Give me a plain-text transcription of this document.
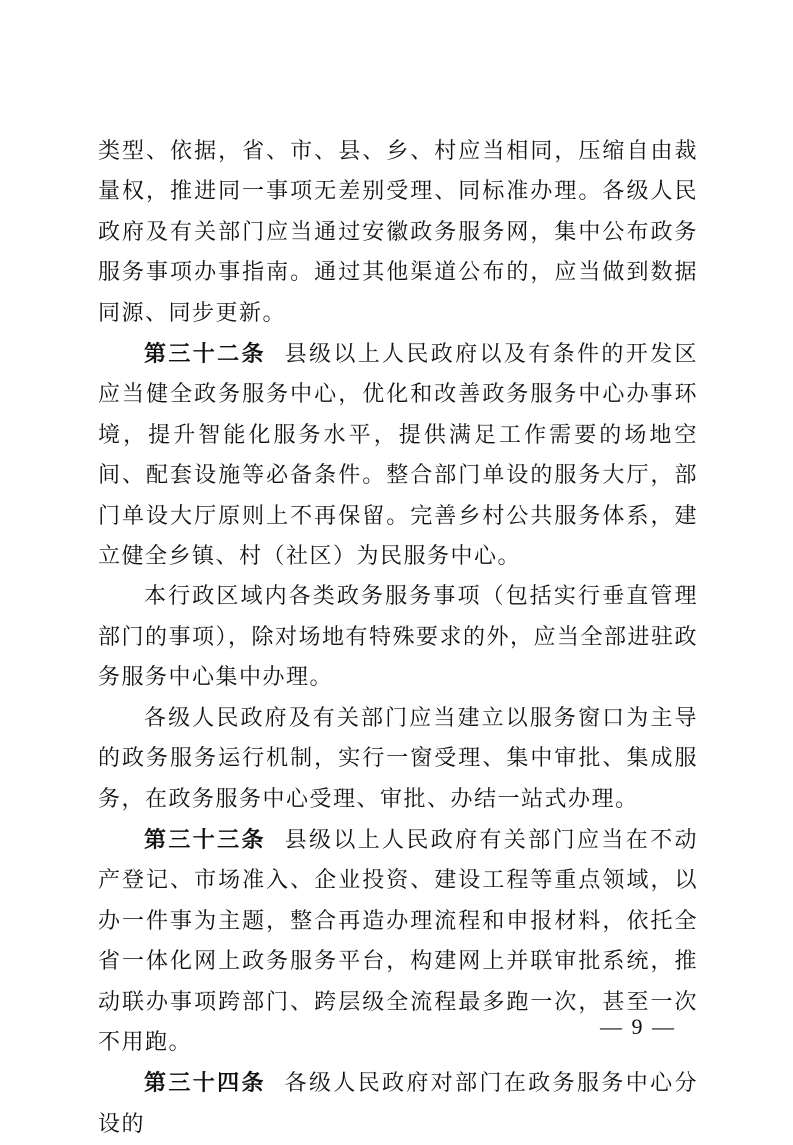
类型、依据，省、市、县、乡、村应当相同，压缩自由裁量权，推进同一事项无差别受理、同标准办理。各级人民政府及有关部门应当通过安徽政务服务网，集中公布政务服务事项办事指南。通过其他渠道公布的，应当做到数据同源、同步更新。

第三十二条  县级以上人民政府以及有条件的开发区应当健全政务服务中心，优化和改善政务服务中心办事环境，提升智能化服务水平，提供满足工作需要的场地空间、配套设施等必备条件。整合部门单设的服务大厅，部门单设大厅原则上不再保留。完善乡村公共服务体系，建立健全乡镇、村（社区）为民服务中心。

本行政区域内各类政务服务事项（包括实行垂直管理部门的事项），除对场地有特殊要求的外，应当全部进驻政务服务中心集中办理。

各级人民政府及有关部门应当建立以服务窗口为主导的政务服务运行机制，实行一窗受理、集中审批、集成服务，在政务服务中心受理、审批、办结一站式办理。

第三十三条  县级以上人民政府有关部门应当在不动产登记、市场准入、企业投资、建设工程等重点领域，以办一件事为主题，整合再造办理流程和申报材料，依托全省一体化网上政务服务平台，构建网上并联审批系统，推动联办事项跨部门、跨层级全流程最多跑一次，甚至一次不用跑。

第三十四条  各级人民政府对部门在政务服务中心分设的

— 9 —
